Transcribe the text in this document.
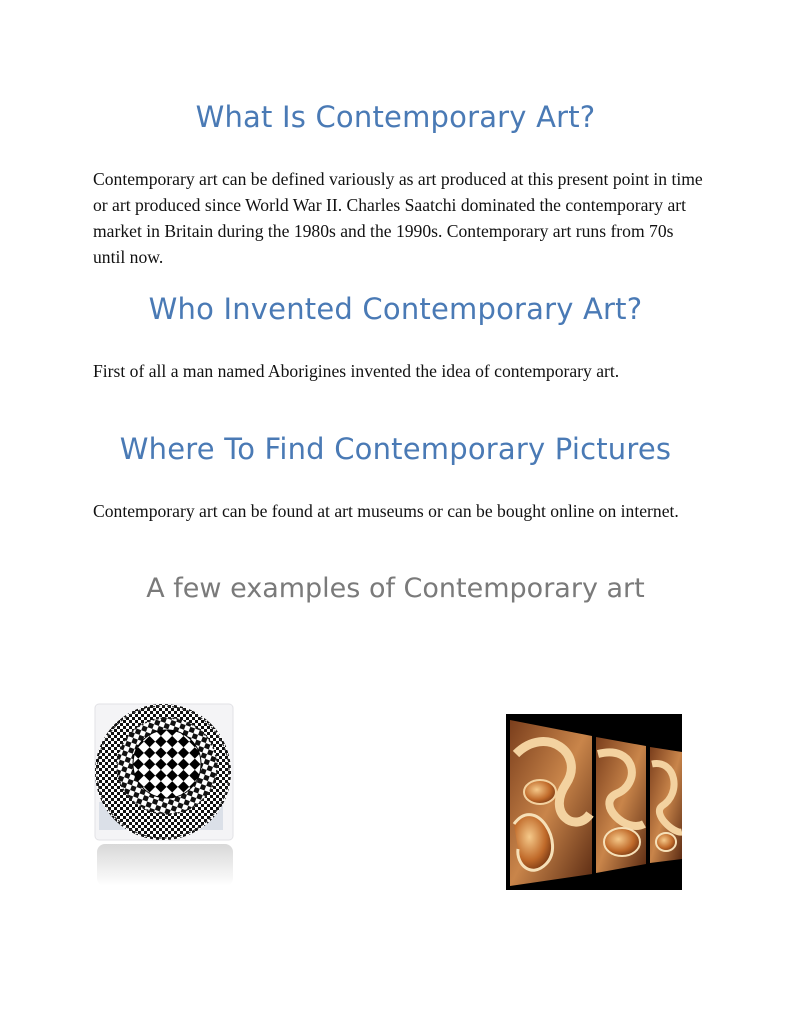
What Is Contemporary Art?

Contemporary art can be defined variously as art produced at this present point in time or art produced since World War II. Charles Saatchi dominated the contemporary art market in Britain during the 1980s and the 1990s. Contemporary art runs from 70s until now.

Who Invented Contemporary Art?

First of all a man named Aborigines invented the idea of contemporary art.

Where To Find Contemporary Pictures

Contemporary art can be found at art museums or can be bought online on internet.

A few examples of Contemporary art
